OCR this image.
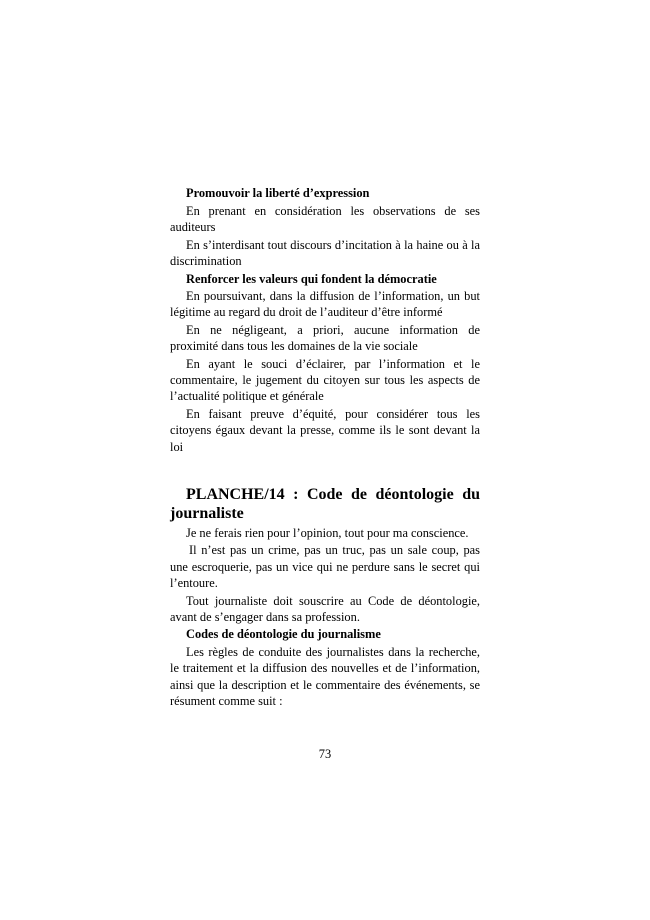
Promouvoir la liberté d’expression

En prenant en considération les observations de ses auditeurs

En s’interdisant tout discours d’incitation à la haine ou à la discrimination

Renforcer les valeurs qui fondent la démocratie

En poursuivant, dans la diffusion de l’information, un but légitime au regard du droit de l’auditeur d’être informé

En ne négligeant, a priori, aucune information de proximité dans tous les domaines de la vie sociale

En ayant le souci d’éclairer, par l’information et le commentaire, le jugement du citoyen sur tous les aspects de l’actualité politique et générale

En faisant preuve d’équité, pour considérer tous les citoyens égaux devant la presse, comme ils le sont devant la loi

PLANCHE/14 : Code de déontologie du journaliste

Je ne ferais rien pour l’opinion, tout pour ma conscience.

Il n’est pas un crime, pas un truc, pas un sale coup, pas une escroquerie, pas un vice qui ne perdure sans le secret qui l’entoure.

Tout journaliste doit souscrire au Code de déontologie, avant de s’engager dans sa profession.

Codes de déontologie du journalisme

Les règles de conduite des journalistes dans la recherche, le traitement et la diffusion des nouvelles et de l’information, ainsi que la description et le commentaire des événements, se résument comme suit :

73
